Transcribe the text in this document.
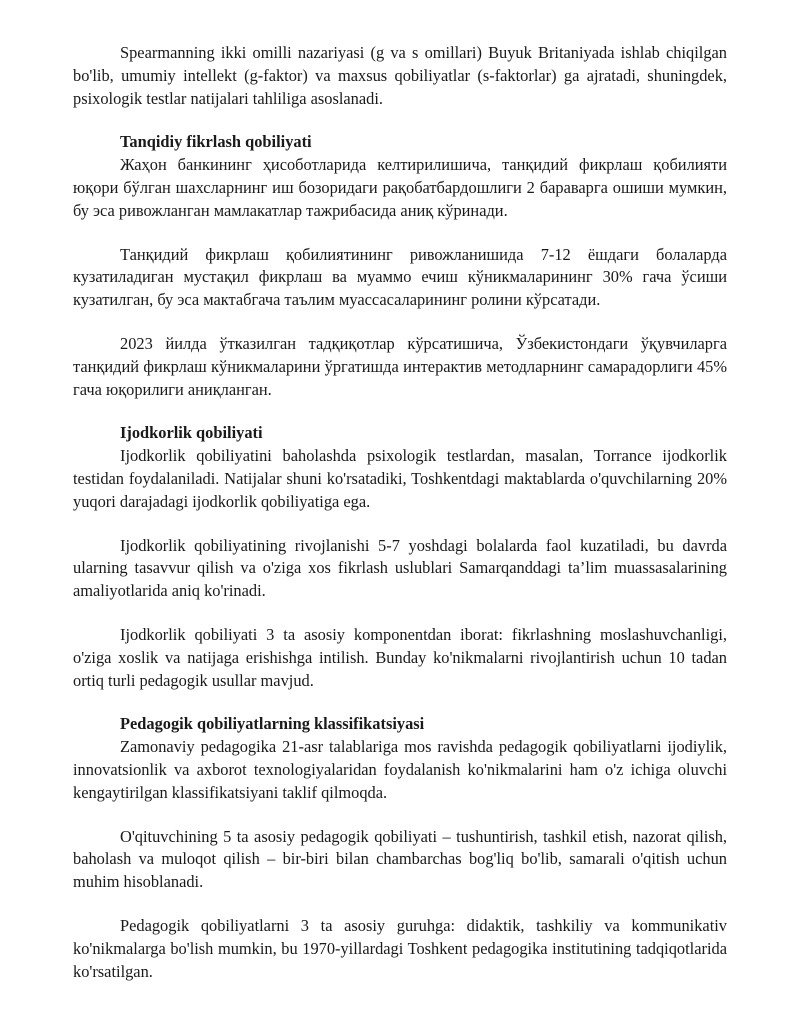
Spearmanning ikki omilli nazariyasi (g va s omillari) Buyuk Britaniyada ishlab chiqilgan bo'lib, umumiy intellekt (g-faktor) va maxsus qobiliyatlar (s-faktorlar) ga ajratadi, shuningdek, psixologik testlar natijalari tahliliga asoslanadi.

Tanqidiy fikrlash qobiliyati

Жаҳон банкининг ҳисоботларида келтирилишича, танқидий фикрлаш қобилияти юқори бўлган шахсларнинг иш бозоридаги рақобатбардошлиги 2 бараварга ошиши мумкин, бу эса ривожланган мамлакатлар тажрибасида аниқ кўринади.

Танқидий фикрлаш қобилиятининг ривожланишида 7-12 ёшдаги болаларда кузатиладиган мустақил фикрлаш ва муаммо ечиш кўникмаларининг 30% гача ўсиши кузатилган, бу эса мактабгача таълим муассасаларининг ролини кўрсатади.

2023 йилда ўтказилган тадқиқотлар кўрсатишича, Ўзбекистондаги ўқувчиларга танқидий фикрлаш кўникмаларини ўргатишда интерактив методларнинг самарадорлиги 45% гача юқорилиги аниқланган.

Ijodkorlik qobiliyati

Ijodkorlik qobiliyatini baholashda psixologik testlardan, masalan, Torrance ijodkorlik testidan foydalaniladi. Natijalar shuni ko'rsatadiki, Toshkentdagi maktablarda o'quvchilarning 20% yuqori darajadagi ijodkorlik qobiliyatiga ega.

Ijodkorlik qobiliyatining rivojlanishi 5-7 yoshdagi bolalarda faol kuzatiladi, bu davrda ularning tasavvur qilish va o'ziga xos fikrlash uslublari Samarqanddagi ta’lim muassasalarining amaliyotlarida aniq ko'rinadi.

Ijodkorlik qobiliyati 3 ta asosiy komponentdan iborat: fikrlashning moslashuvchanligi, o'ziga xoslik va natijaga erishishga intilish. Bunday ko'nikmalarni rivojlantirish uchun 10 tadan ortiq turli pedagogik usullar mavjud.

Pedagogik qobiliyatlarning klassifikatsiyasi

Zamonaviy pedagogika 21-asr talablariga mos ravishda pedagogik qobiliyatlarni ijodiylik, innovatsionlik va axborot texnologiyalaridan foydalanish ko'nikmalarini ham o'z ichiga oluvchi kengaytirilgan klassifikatsiyani taklif qilmoqda.

O'qituvchining 5 ta asosiy pedagogik qobiliyati – tushuntirish, tashkil etish, nazorat qilish, baholash va muloqot qilish – bir-biri bilan chambarchas bog'liq bo'lib, samarali o'qitish uchun muhim hisoblanadi.

Pedagogik qobiliyatlarni 3 ta asosiy guruhga: didaktik, tashkiliy va kommunikativ ko'nikmalarga bo'lish mumkin, bu 1970-yillardagi Toshkent pedagogika institutining tadqiqotlarida ko'rsatilgan.
